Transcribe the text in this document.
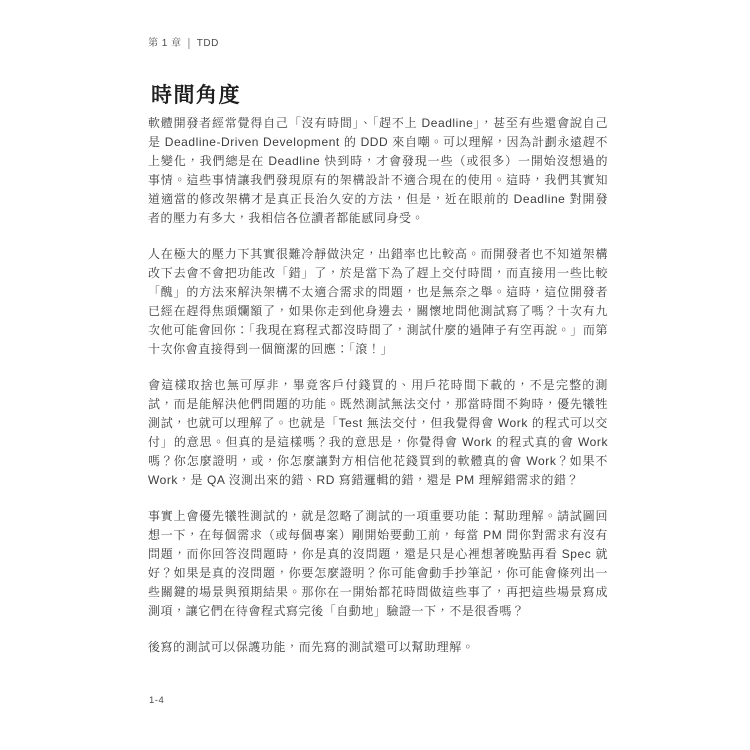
第 1 章 | TDD
時間角度

軟體開發者經常覺得自己「沒有時間」、「趕不上 Deadline」，甚至有些還會說自己是 Deadline-Driven Development 的 DDD 來自嘲。可以理解，因為計劃永遠趕不上變化，我們總是在 Deadline 快到時，才會發現一些（或很多）一開始沒想過的事情。這些事情讓我們發現原有的架構設計不適合現在的使用。這時，我們其實知道適當的修改架構才是真正長治久安的方法，但是，近在眼前的 Deadline 對開發者的壓力有多大，我相信各位讀者都能感同身受。

人在極大的壓力下其實很難冷靜做決定，出錯率也比較高。而開發者也不知道架構改下去會不會把功能改「錯」了，於是當下為了趕上交付時間，而直接用一些比較「醜」的方法來解決架構不太適合需求的問題，也是無奈之舉。這時，這位開發者已經在趕得焦頭爛額了，如果你走到他身邊去，關懷地問他測試寫了嗎？十次有九次他可能會回你：「我現在寫程式都沒時間了，測試什麼的過陣子有空再說。」而第十次你會直接得到一個簡潔的回應：「滾！」

會這樣取捨也無可厚非，畢竟客戶付錢買的、用戶花時間下載的，不是完整的測試，而是能解決他們問題的功能。既然測試無法交付，那當時間不夠時，優先犧牲測試，也就可以理解了。也就是「Test 無法交付，但我覺得會 Work 的程式可以交付」的意思。但真的是這樣嗎？我的意思是，你覺得會 Work 的程式真的會 Work 嗎？你怎麼證明，或，你怎麼讓對方相信他花錢買到的軟體真的會 Work？如果不 Work，是 QA 沒測出來的錯、RD 寫錯邏輯的錯，還是 PM 理解錯需求的錯？

事實上會優先犧牲測試的，就是忽略了測試的一項重要功能：幫助理解。請試圖回想一下，在每個需求（或每個專案）剛開始要動工前，每當 PM 問你對需求有沒有問題，而你回答沒問題時，你是真的沒問題，還是只是心裡想著晚點再看 Spec 就好？如果是真的沒問題，你要怎麼證明？你可能會動手抄筆記，你可能會條列出一些關鍵的場景與預期結果。那你在一開始都花時間做這些事了，再把這些場景寫成測項，讓它們在待會程式寫完後「自動地」驗證一下，不是很香嗎？

後寫的測試可以保護功能，而先寫的測試還可以幫助理解。

1-4
